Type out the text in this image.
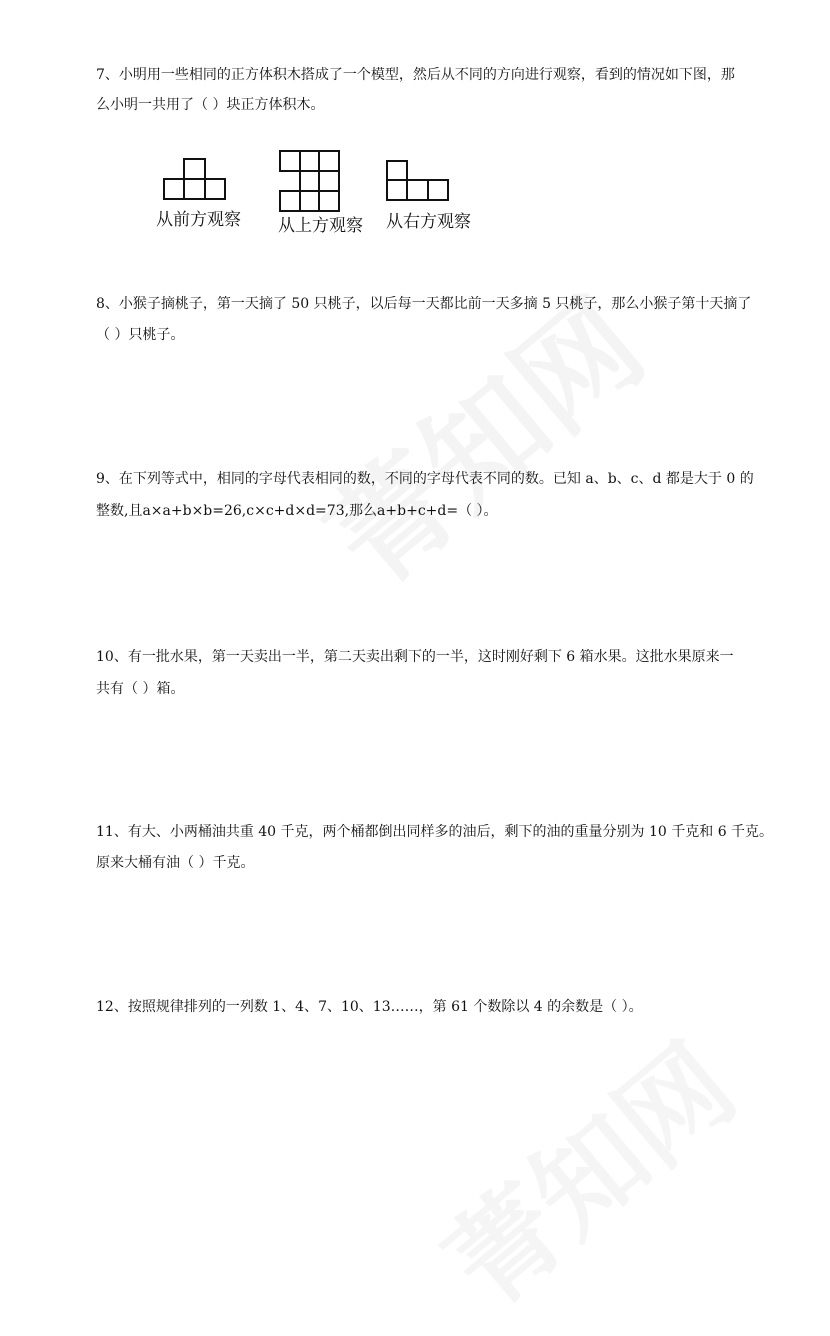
7、小明用一些相同的正方体积木搭成了一个模型，然后从不同的方向进行观察，看到的情况如下图，那
么小明一共用了（ ）块正方体积木。
从前方观察 从上方观察 从右方观察
8、小猴子摘桃子，第一天摘了 50 只桃子，以后每一天都比前一天多摘 5 只桃子，那么小猴子第十天摘了
（ ）只桃子。
9、在下列等式中，相同的字母代表相同的数，不同的字母代表不同的数。已知 a、b、c、d 都是大于 0 的
整数,且a×a+b×b=26,c×c+d×d=73,那么a+b+c+d=（ ）。
10、有一批水果，第一天卖出一半，第二天卖出剩下的一半，这时刚好剩下 6 箱水果。这批水果原来一
共有（ ）箱。
11、有大、小两桶油共重 40 千克，两个桶都倒出同样多的油后，剩下的油的重量分别为 10 千克和 6 千克。
原来大桶有油（ ）千克。
12、按照规律排列的一列数 1、4、7、10、13……，第 61 个数除以 4 的余数是（ ）。
